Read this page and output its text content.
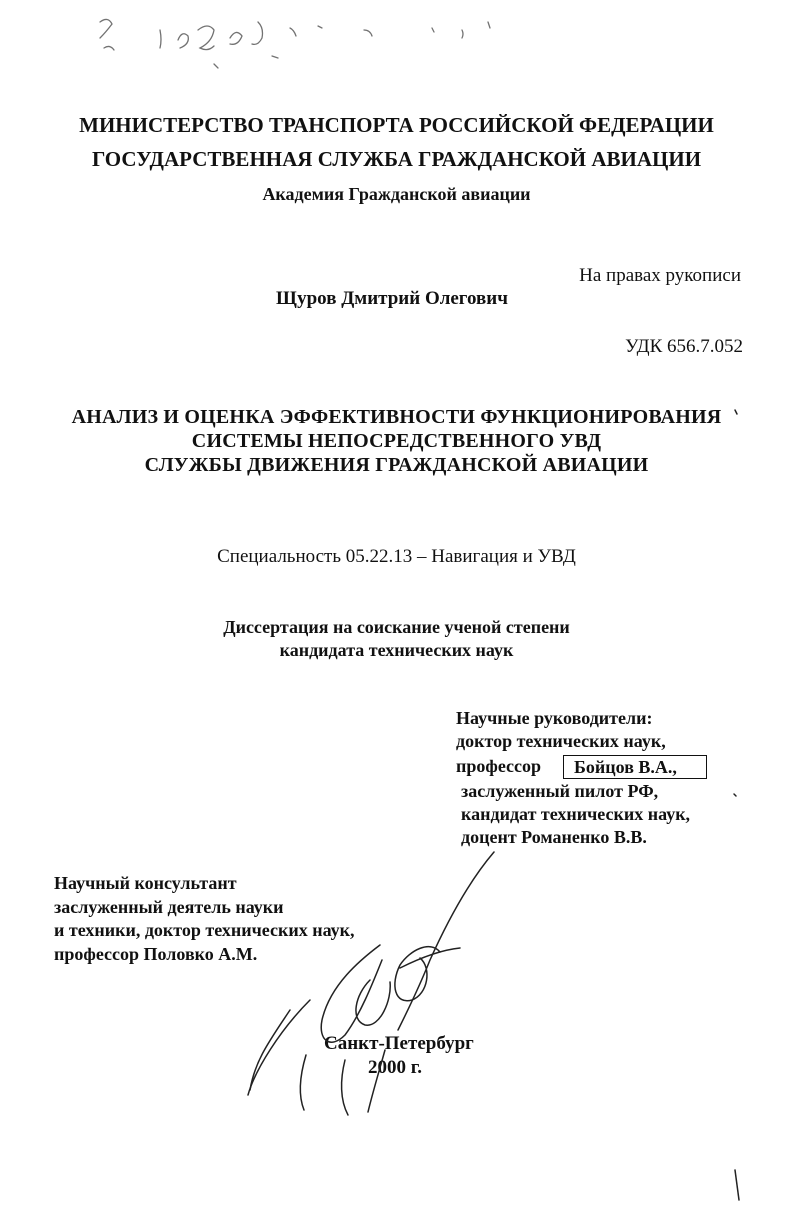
МИНИСТЕРСТВО ТРАНСПОРТА РОССИЙСКОЙ ФЕДЕРАЦИИ
ГОСУДАРСТВЕННАЯ СЛУЖБА ГРАЖДАНСКОЙ АВИАЦИИ
Академия Гражданской авиации
На правах рукописи
Щуров Дмитрий Олегович
УДК 656.7.052
АНАЛИЗ И ОЦЕНКА ЭФФЕКТИВНОСТИ ФУНКЦИОНИРОВАНИЯ
СИСТЕМЫ НЕПОСРЕДСТВЕННОГО УВД
СЛУЖБЫ ДВИЖЕНИЯ ГРАЖДАНСКОЙ АВИАЦИИ
Специальность 05.22.13 – Навигация и УВД
Диссертация на соискание ученой степени
кандидата технических наук
Научные руководители:
доктор технических наук,
профессор	Бойцов В.А.,
заслуженный пилот РФ,
кандидат технических наук,
доцент Романенко В.В.
Научный консультант
заслуженный деятель науки
и техники, доктор технических наук,
профессор Половко А.М.
Санкт-Петербург
2000 г.
